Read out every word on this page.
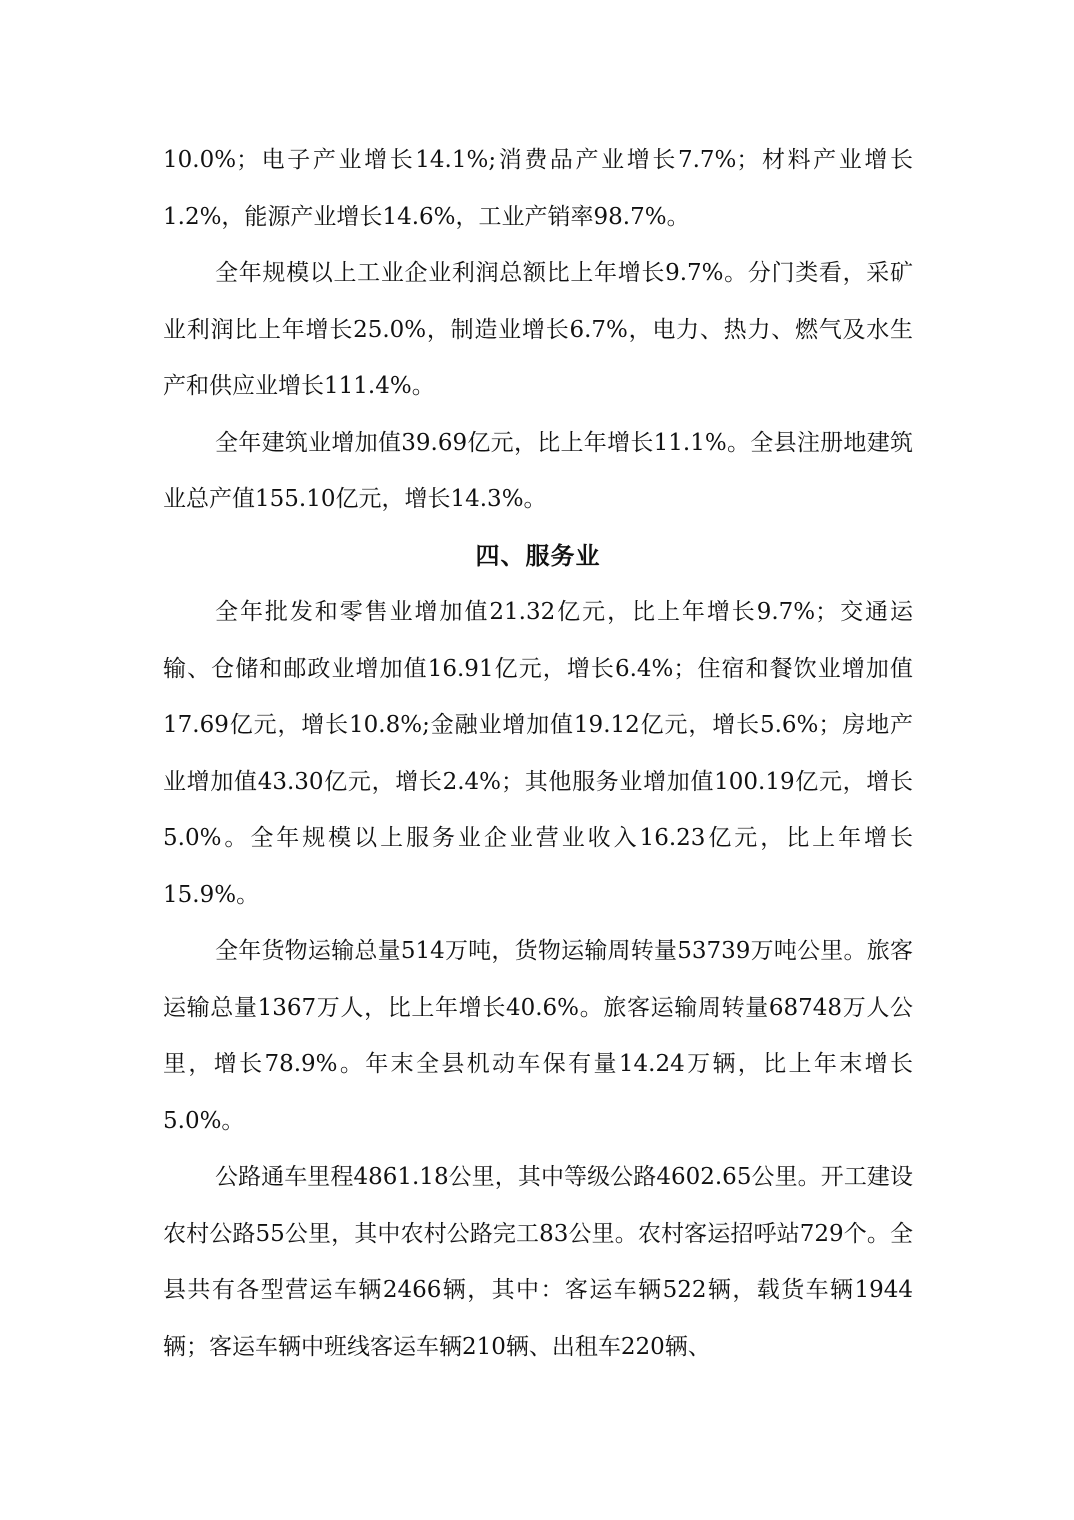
10.0%；电子产业增长14.1%;消费品产业增长7.7%；材料产业增长1.2%，能源产业增长14.6%，工业产销率98.7%。

全年规模以上工业企业利润总额比上年增长9.7%。分门类看，采矿业利润比上年增长25.0%，制造业增长6.7%，电力、热力、燃气及水生产和供应业增长111.4%。

全年建筑业增加值39.69亿元，比上年增长11.1%。全县注册地建筑业总产值155.10亿元，增长14.3%。

四、服务业

全年批发和零售业增加值21.32亿元，比上年增长9.7%；交通运输、仓储和邮政业增加值16.91亿元，增长6.4%；住宿和餐饮业增加值17.69亿元，增长10.8%;金融业增加值19.12亿元，增长5.6%；房地产业增加值43.30亿元，增长2.4%；其他服务业增加值100.19亿元，增长5.0%。全年规模以上服务业企业营业收入16.23亿元，比上年增长15.9%。

全年货物运输总量514万吨，货物运输周转量53739万吨公里。旅客运输总量1367万人，比上年增长40.6%。旅客运输周转量68748万人公里，增长78.9%。年末全县机动车保有量14.24万辆，比上年末增长5.0%。

公路通车里程4861.18公里，其中等级公路4602.65公里。开工建设农村公路55公里，其中农村公路完工83公里。农村客运招呼站729个。全县共有各型营运车辆2466辆，其中：客运车辆522辆，载货车辆1944辆；客运车辆中班线客运车辆210辆、出租车220辆、
